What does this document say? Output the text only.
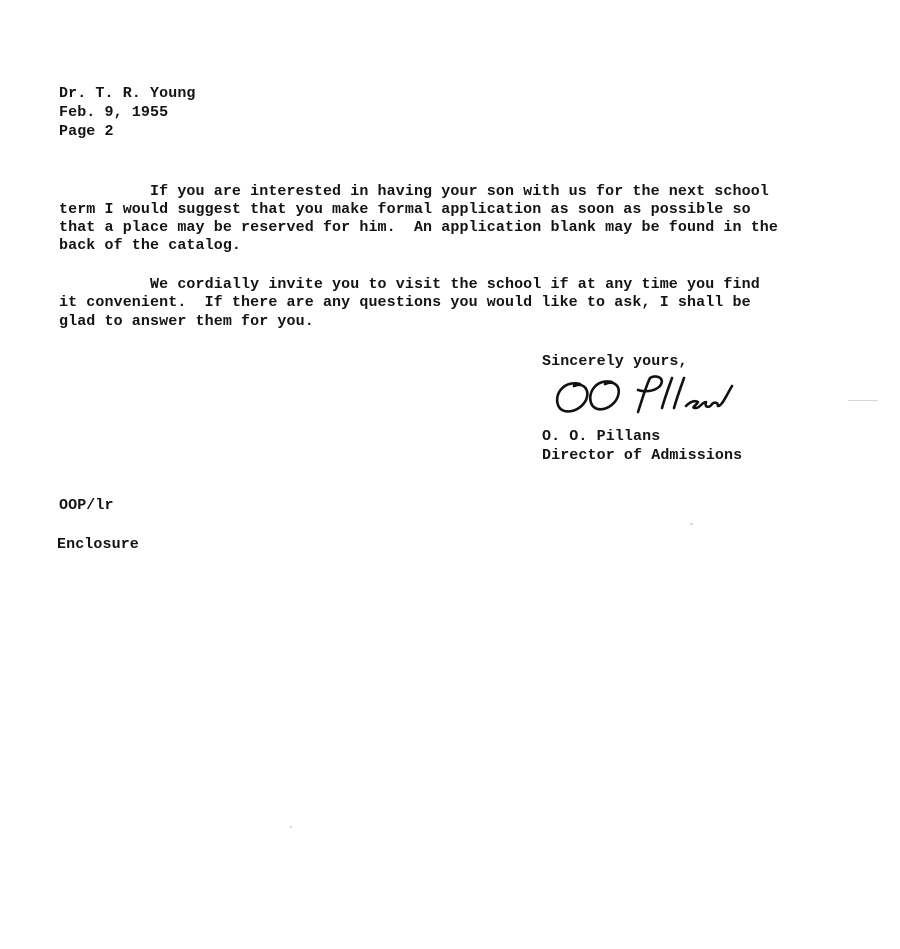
Dr. T. R. Young
Feb. 9, 1955
Page 2
If you are interested in having your son with us for the next school
term I would suggest that you make formal application as soon as possible so
that a place may be reserved for him.  An application blank may be found in the
back of the catalog.
We cordially invite you to visit the school if at any time you find
it convenient.  If there are any questions you would like to ask, I shall be
glad to answer them for you.
Sincerely yours,
O. O. Pillans
Director of Admissions
OOP/lr
Enclosure
